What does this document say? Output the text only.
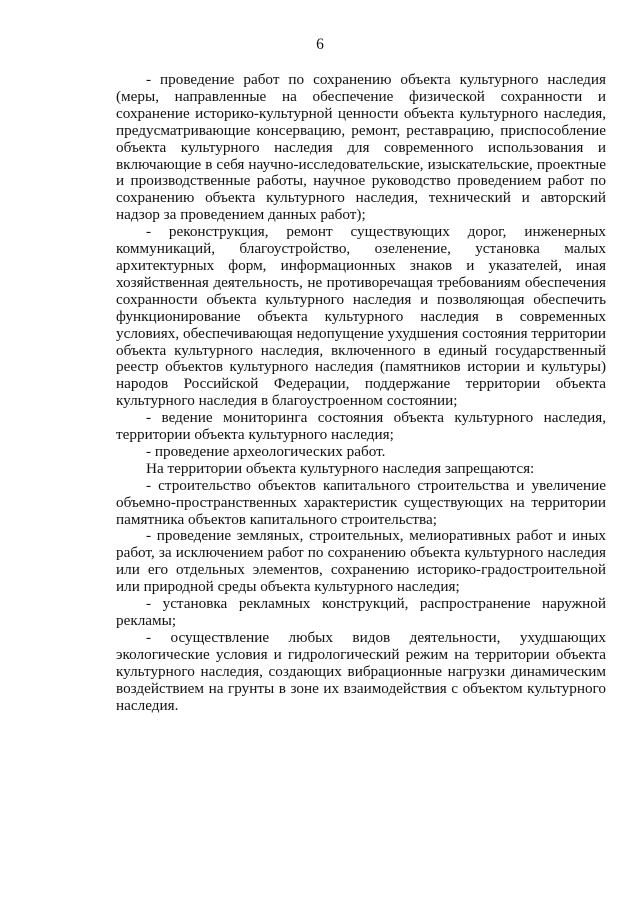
6

- проведение работ по сохранению объекта культурного наследия (меры, направленные на обеспечение физической сохранности и сохранение историко-культурной ценности объекта культурного наследия, предусматривающие консервацию, ремонт, реставрацию, приспособление объекта культурного наследия для современного использования и включающие в себя научно-исследовательские, изыскательские, проектные и производственные работы, научное руководство проведением работ по сохранению объекта культурного наследия, технический и авторский надзор за проведением данных работ);

- реконструкция, ремонт существующих дорог, инженерных коммуникаций, благоустройство, озеленение, установка малых архитектурных форм, информационных знаков и указателей, иная хозяйственная деятельность, не противоречащая требованиям обеспечения сохранности объекта культурного наследия и позволяющая обеспечить функционирование объекта культурного наследия в современных условиях, обеспечивающая недопущение ухудшения состояния территории объекта культурного наследия, включенного в единый государственный реестр объектов культурного наследия (памятников истории и культуры) народов Российской Федерации, поддержание территории объекта культурного наследия в благоустроенном состоянии;

- ведение мониторинга состояния объекта культурного наследия, территории объекта культурного наследия;

- проведение археологических работ.

На территории объекта культурного наследия запрещаются:

- строительство объектов капитального строительства и увеличение объемно-пространственных характеристик существующих на территории памятника объектов капитального строительства;

- проведение земляных, строительных, мелиоративных работ и иных работ, за исключением работ по сохранению объекта культурного наследия или его отдельных элементов, сохранению историко-градостроительной или природной среды объекта культурного наследия;

- установка рекламных конструкций, распространение наружной рекламы;

- осуществление любых видов деятельности, ухудшающих экологические условия и гидрологический режим на территории объекта культурного наследия, создающих вибрационные нагрузки динамическим воздействием на грунты в зоне их взаимодействия с объектом культурного наследия.
